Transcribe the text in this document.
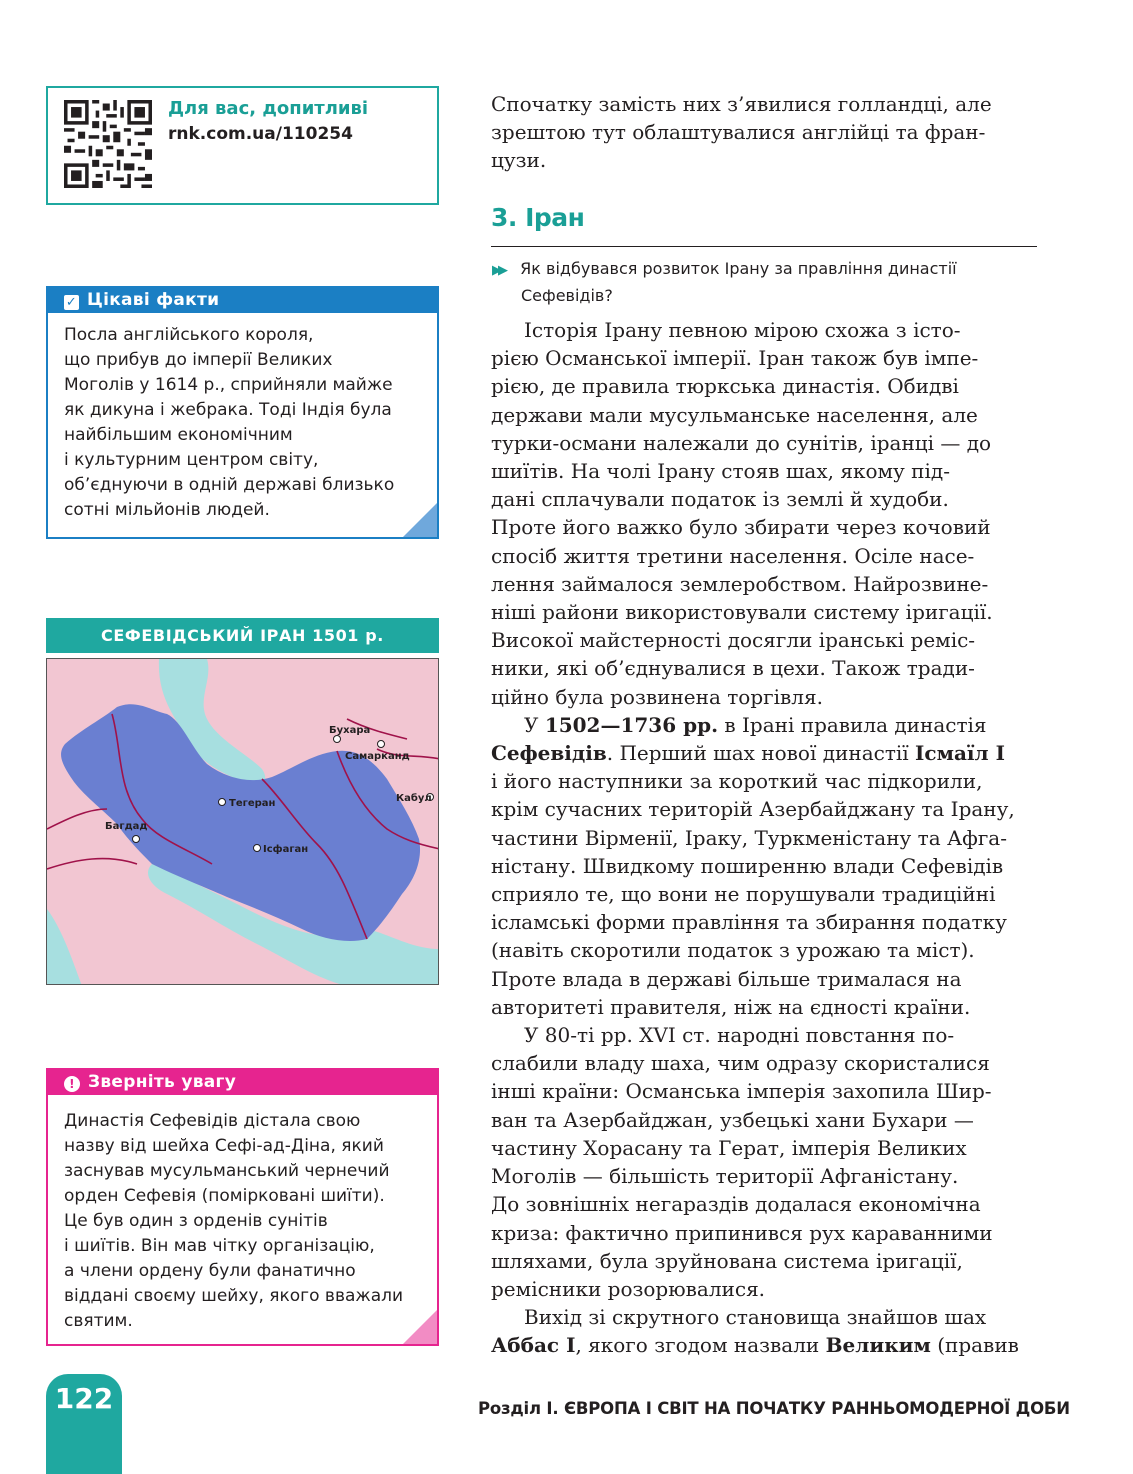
Для вас, допитливі
rnk.com.ua/110254
✓ Цікаві факти
Посла англійського короля,
що прибув до імперії Великих
Моголів у 1614 р., сприйняли майже
як дикуна і жебрака. Тоді Індія була
найбільшим економічним
і культурним центром світу,
об’єднуючи в одній державі близько
сотні мільйонів людей.
СЕФЕВІДСЬКИЙ ІРАН 1501 р.
Бухара
Самарканд
Кабул
Тегеран
Багдад
Ісфаган
! Зверніть увагу
Династія Сефевідів дістала свою
назву від шейха Сефі-ад-Діна, який
заснував мусульманський чернечий
орден Сефевія (помірковані шиїти).
Це був один з орденів сунітів
і шиїтів. Він мав чітку організацію,
а члени ордену були фанатично
віддані своєму шейху, якого вважали
святим.
Спочатку замість них з’явилися голландці, але
зрештою тут облаштувалися англійці та фран-
цузи.
3. Іран
▶▶ Як відбувався розвиток Ірану за правління династії
Сефевідів?
Історія Ірану певною мірою схожа з істо-
рією Османської імперії. Іран також був імпе-
рією, де правила тюркська династія. Обидві
держави мали мусульманське населення, але
турки-османи належали до сунітів, іранці — до
шиїтів. На чолі Ірану стояв шах, якому під-
дані сплачували податок із землі й худоби.
Проте його важко було збирати через кочовий
спосіб життя третини населення. Осіле насе-
лення займалося землеробством. Найрозвине-
ніші райони використовували систему іригації.
Високої майстерності досягли іранські реміс-
ники, які об’єднувалися в цехи. Також тради-
ційно була розвинена торгівля.
У 1502—1736 рр. в Ірані правила династія
Сефевідів. Перший шах нової династії Ісмаїл I
і його наступники за короткий час підкорили,
крім сучасних територій Азербайджану та Ірану,
частини Вірменії, Іраку, Туркменістану та Афга-
ністану. Швидкому поширенню влади Сефевідів
сприяло те, що вони не порушували традиційні
ісламські форми правління та збирання податку
(навіть скоротили податок з урожаю та міст).
Проте влада в державі більше трималася на
авторитеті правителя, ніж на єдності країни.
У 80-ті рр. XVI ст. народні повстання по-
слабили владу шаха, чим одразу скористалися
інші країни: Османська імперія захопила Шир-
ван та Азербайджан, узбецькі хани Бухари —
частину Хорасану та Герат, імперія Великих
Моголів — більшість території Афганістану.
До зовнішніх негараздів додалася економічна
криза: фактично припинився рух караванними
шляхами, була зруйнована система іригації,
ремісники розорювалися.
Вихід зі скрутного становища знайшов шах
Аббас I, якого згодом назвали Великим (правив
122	Розділ I. ЄВРОПА І СВІТ НА ПОЧАТКУ РАННЬОМОДЕРНОЇ ДОБИ
